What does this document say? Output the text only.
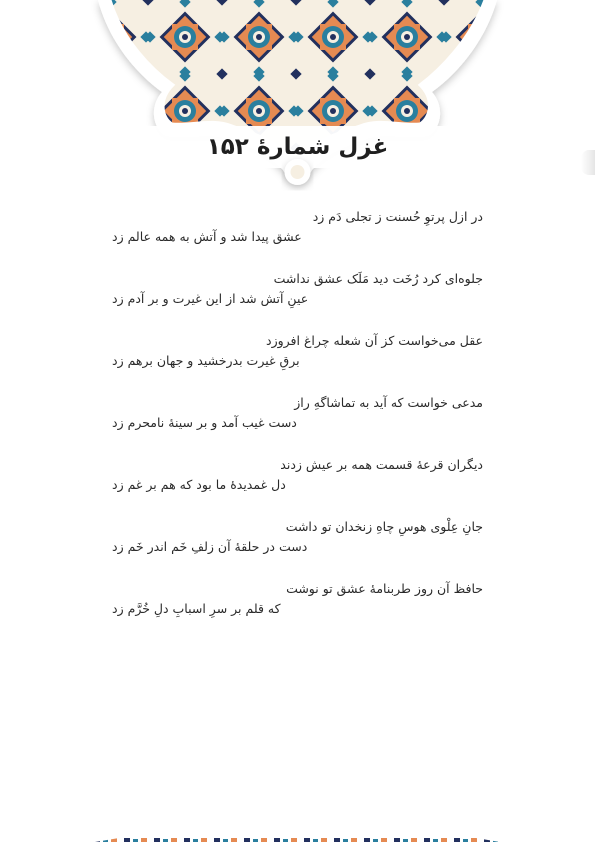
غزل شمارهٔ ۱۵۲
در ازل پرتوِ حُسنت ز تجلی دَم زد
عشق پیدا شد و آتش به همه عالم زد
جلوه‌ای کرد رُخَت دید مَلَک عشق نداشت
عینِ آتش شد از این غیرت و بر آدم زد
عقل می‌خواست کز آن شعله چراغ افروزد
برقِ غیرت بدرخشید و جهان برهم زد
مدعی خواست که آید به تماشاگهِ راز
دست غیب آمد و بر سینهٔ نامحرم زد
دیگران قرعهٔ قسمت همه بر عیش زدند
دل غمدیدهٔ ما بود که هم بر غم زد
جانِ عِلْوی هوسِ چاهِ زنخدان تو داشت
دست در حلقهٔ آن زلفِ خَم اندر خَم زد
حافظ آن روز طربنامهٔ عشق تو نوشت
که قلم بر سرِ اسبابِ دلِ خُرَّم زد
